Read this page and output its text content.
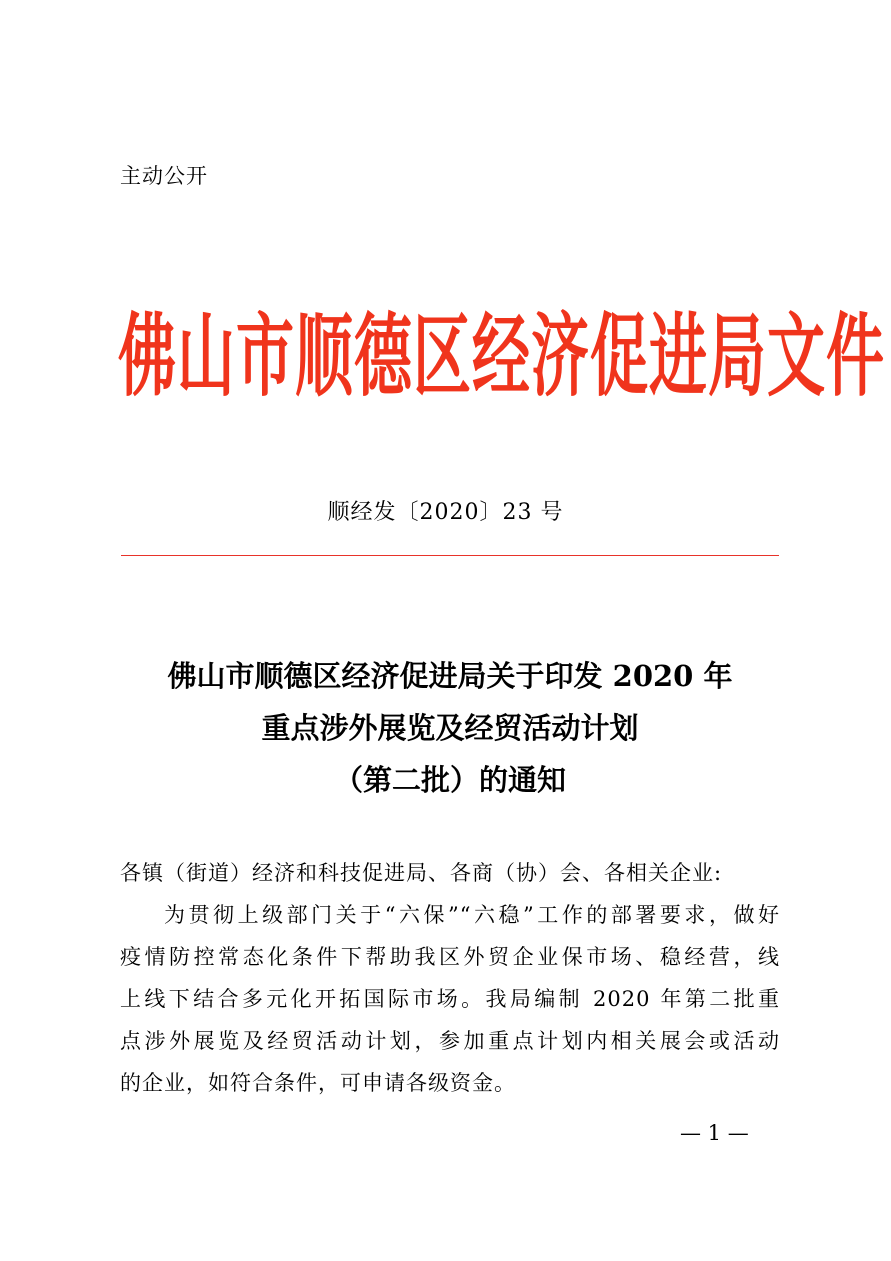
主动公开
佛山市顺德区经济促进局文件
顺经发〔2020〕23 号
佛山市顺德区经济促进局关于印发 2020 年
重点涉外展览及经贸活动计划
（第二批）的通知
各镇（街道）经济和科技促进局、各商（协）会、各相关企业:
为贯彻上级部门关于“六保”“六稳”工作的部署要求，做好
疫情防控常态化条件下帮助我区外贸企业保市场、稳经营，线
上线下结合多元化开拓国际市场。我局编制 2020 年第二批重
点涉外展览及经贸活动计划，参加重点计划内相关展会或活动
的企业，如符合条件，可申请各级资金。
— 1 —
